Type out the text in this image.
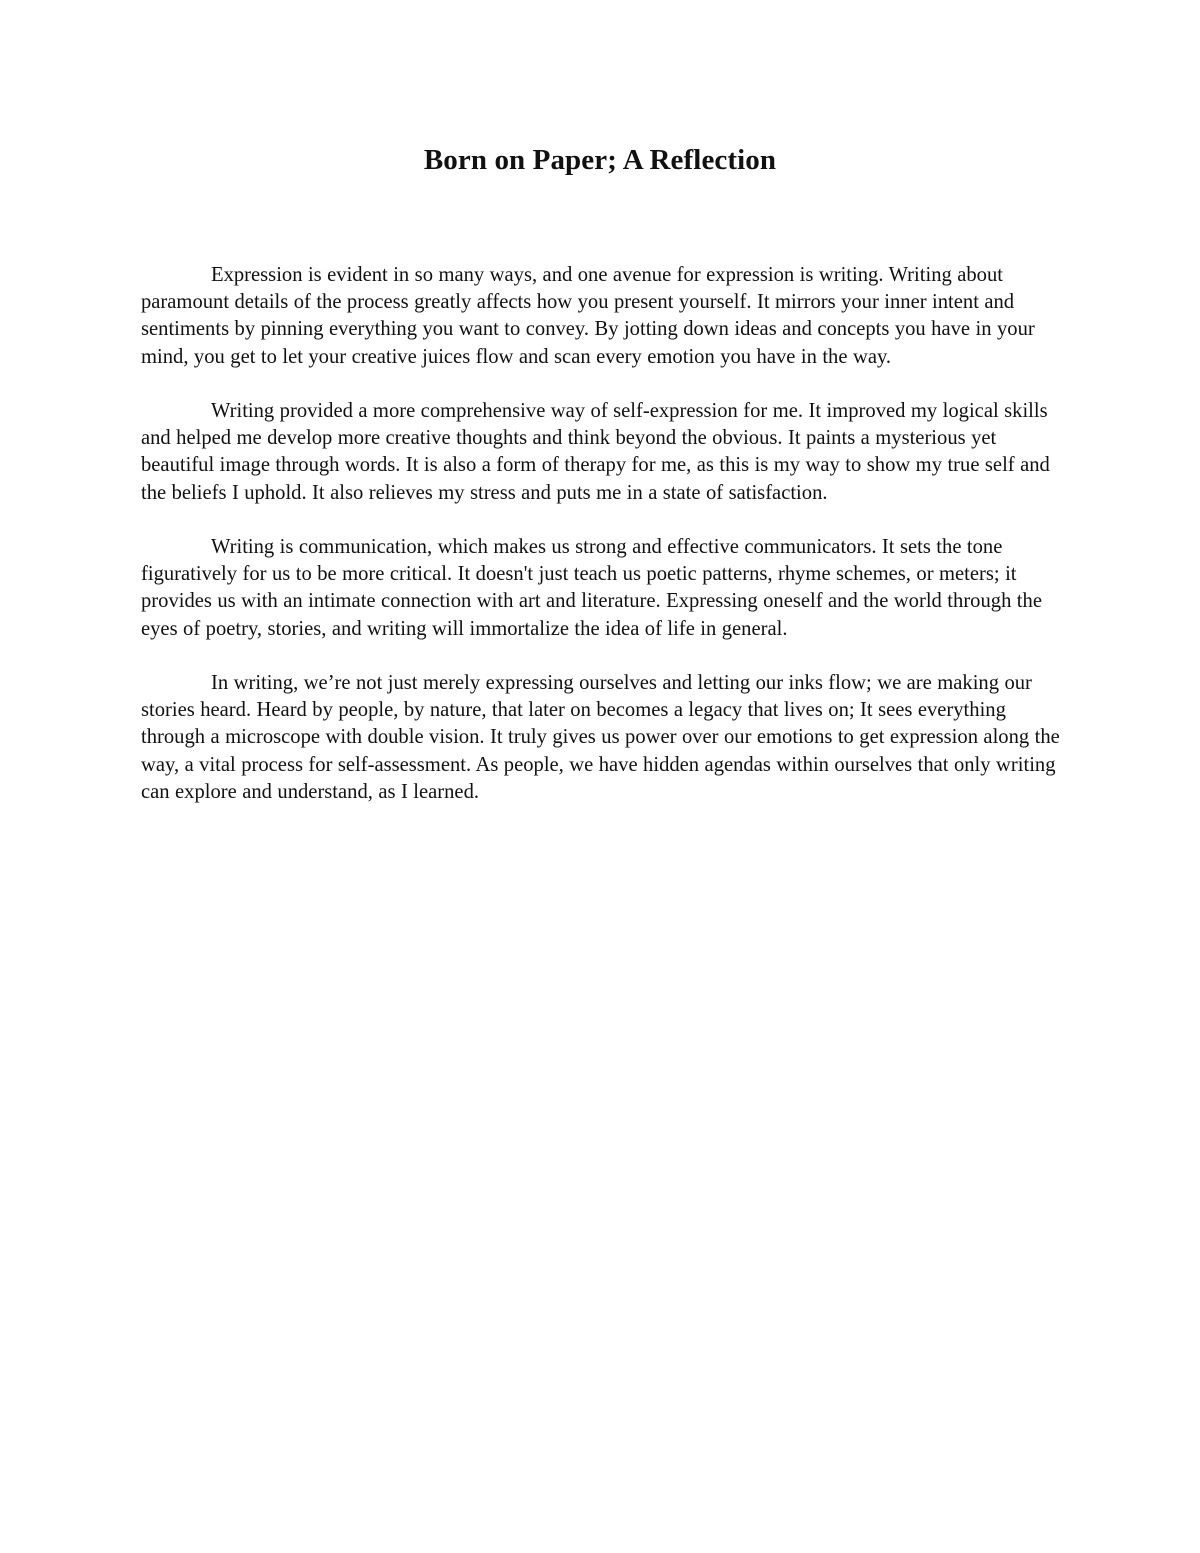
Born on Paper; A Reflection

Expression is evident in so many ways, and one avenue for expression is writing. Writing about paramount details of the process greatly affects how you present yourself. It mirrors your inner intent and sentiments by pinning everything you want to convey. By jotting down ideas and concepts you have in your mind, you get to let your creative juices flow and scan every emotion you have in the way.

Writing provided a more comprehensive way of self-expression for me. It improved my logical skills and helped me develop more creative thoughts and think beyond the obvious. It paints a mysterious yet beautiful image through words. It is also a form of therapy for me, as this is my way to show my true self and the beliefs I uphold. It also relieves my stress and puts me in a state of satisfaction.

Writing is communication, which makes us strong and effective communicators. It sets the tone figuratively for us to be more critical. It doesn't just teach us poetic patterns, rhyme schemes, or meters; it provides us with an intimate connection with art and literature. Expressing oneself and the world through the eyes of poetry, stories, and writing will immortalize the idea of life in general.

In writing, we’re not just merely expressing ourselves and letting our inks flow; we are making our stories heard. Heard by people, by nature, that later on becomes a legacy that lives on; It sees everything through a microscope with double vision. It truly gives us power over our emotions to get expression along the way, a vital process for self-assessment. As people, we have hidden agendas within ourselves that only writing can explore and understand, as I learned.
